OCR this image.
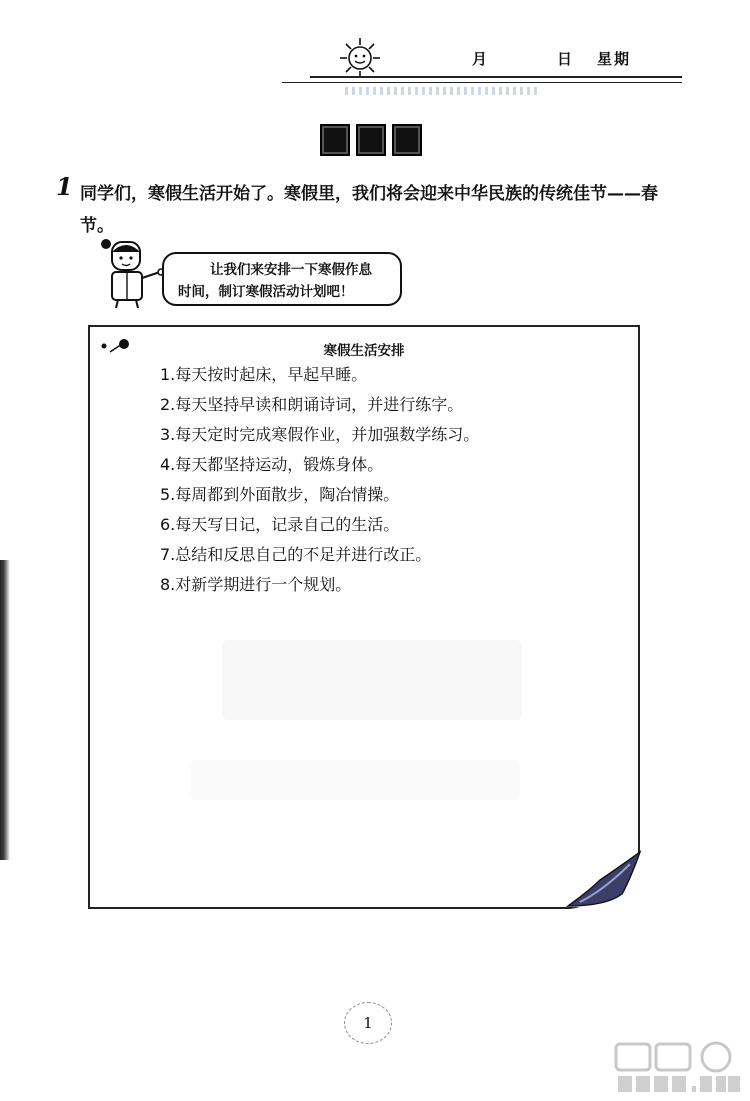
月	日 星期
1 同学们，寒假生活开始了。寒假里，我们将会迎来中华民族的传统佳节——春节。
让我们来安排一下寒假作息
时间，制订寒假活动计划吧！
寒假生活安排
1.每天按时起床，早起早睡。
2.每天坚持早读和朗诵诗词，并进行练字。
3.每天定时完成寒假作业，并加强数学练习。
4.每天都坚持运动，锻炼身体。
5.每周都到外面散步，陶冶情操。
6.每天写日记，记录自己的生活。
7.总结和反思自己的不足并进行改正。
8.对新学期进行一个规划。
1
